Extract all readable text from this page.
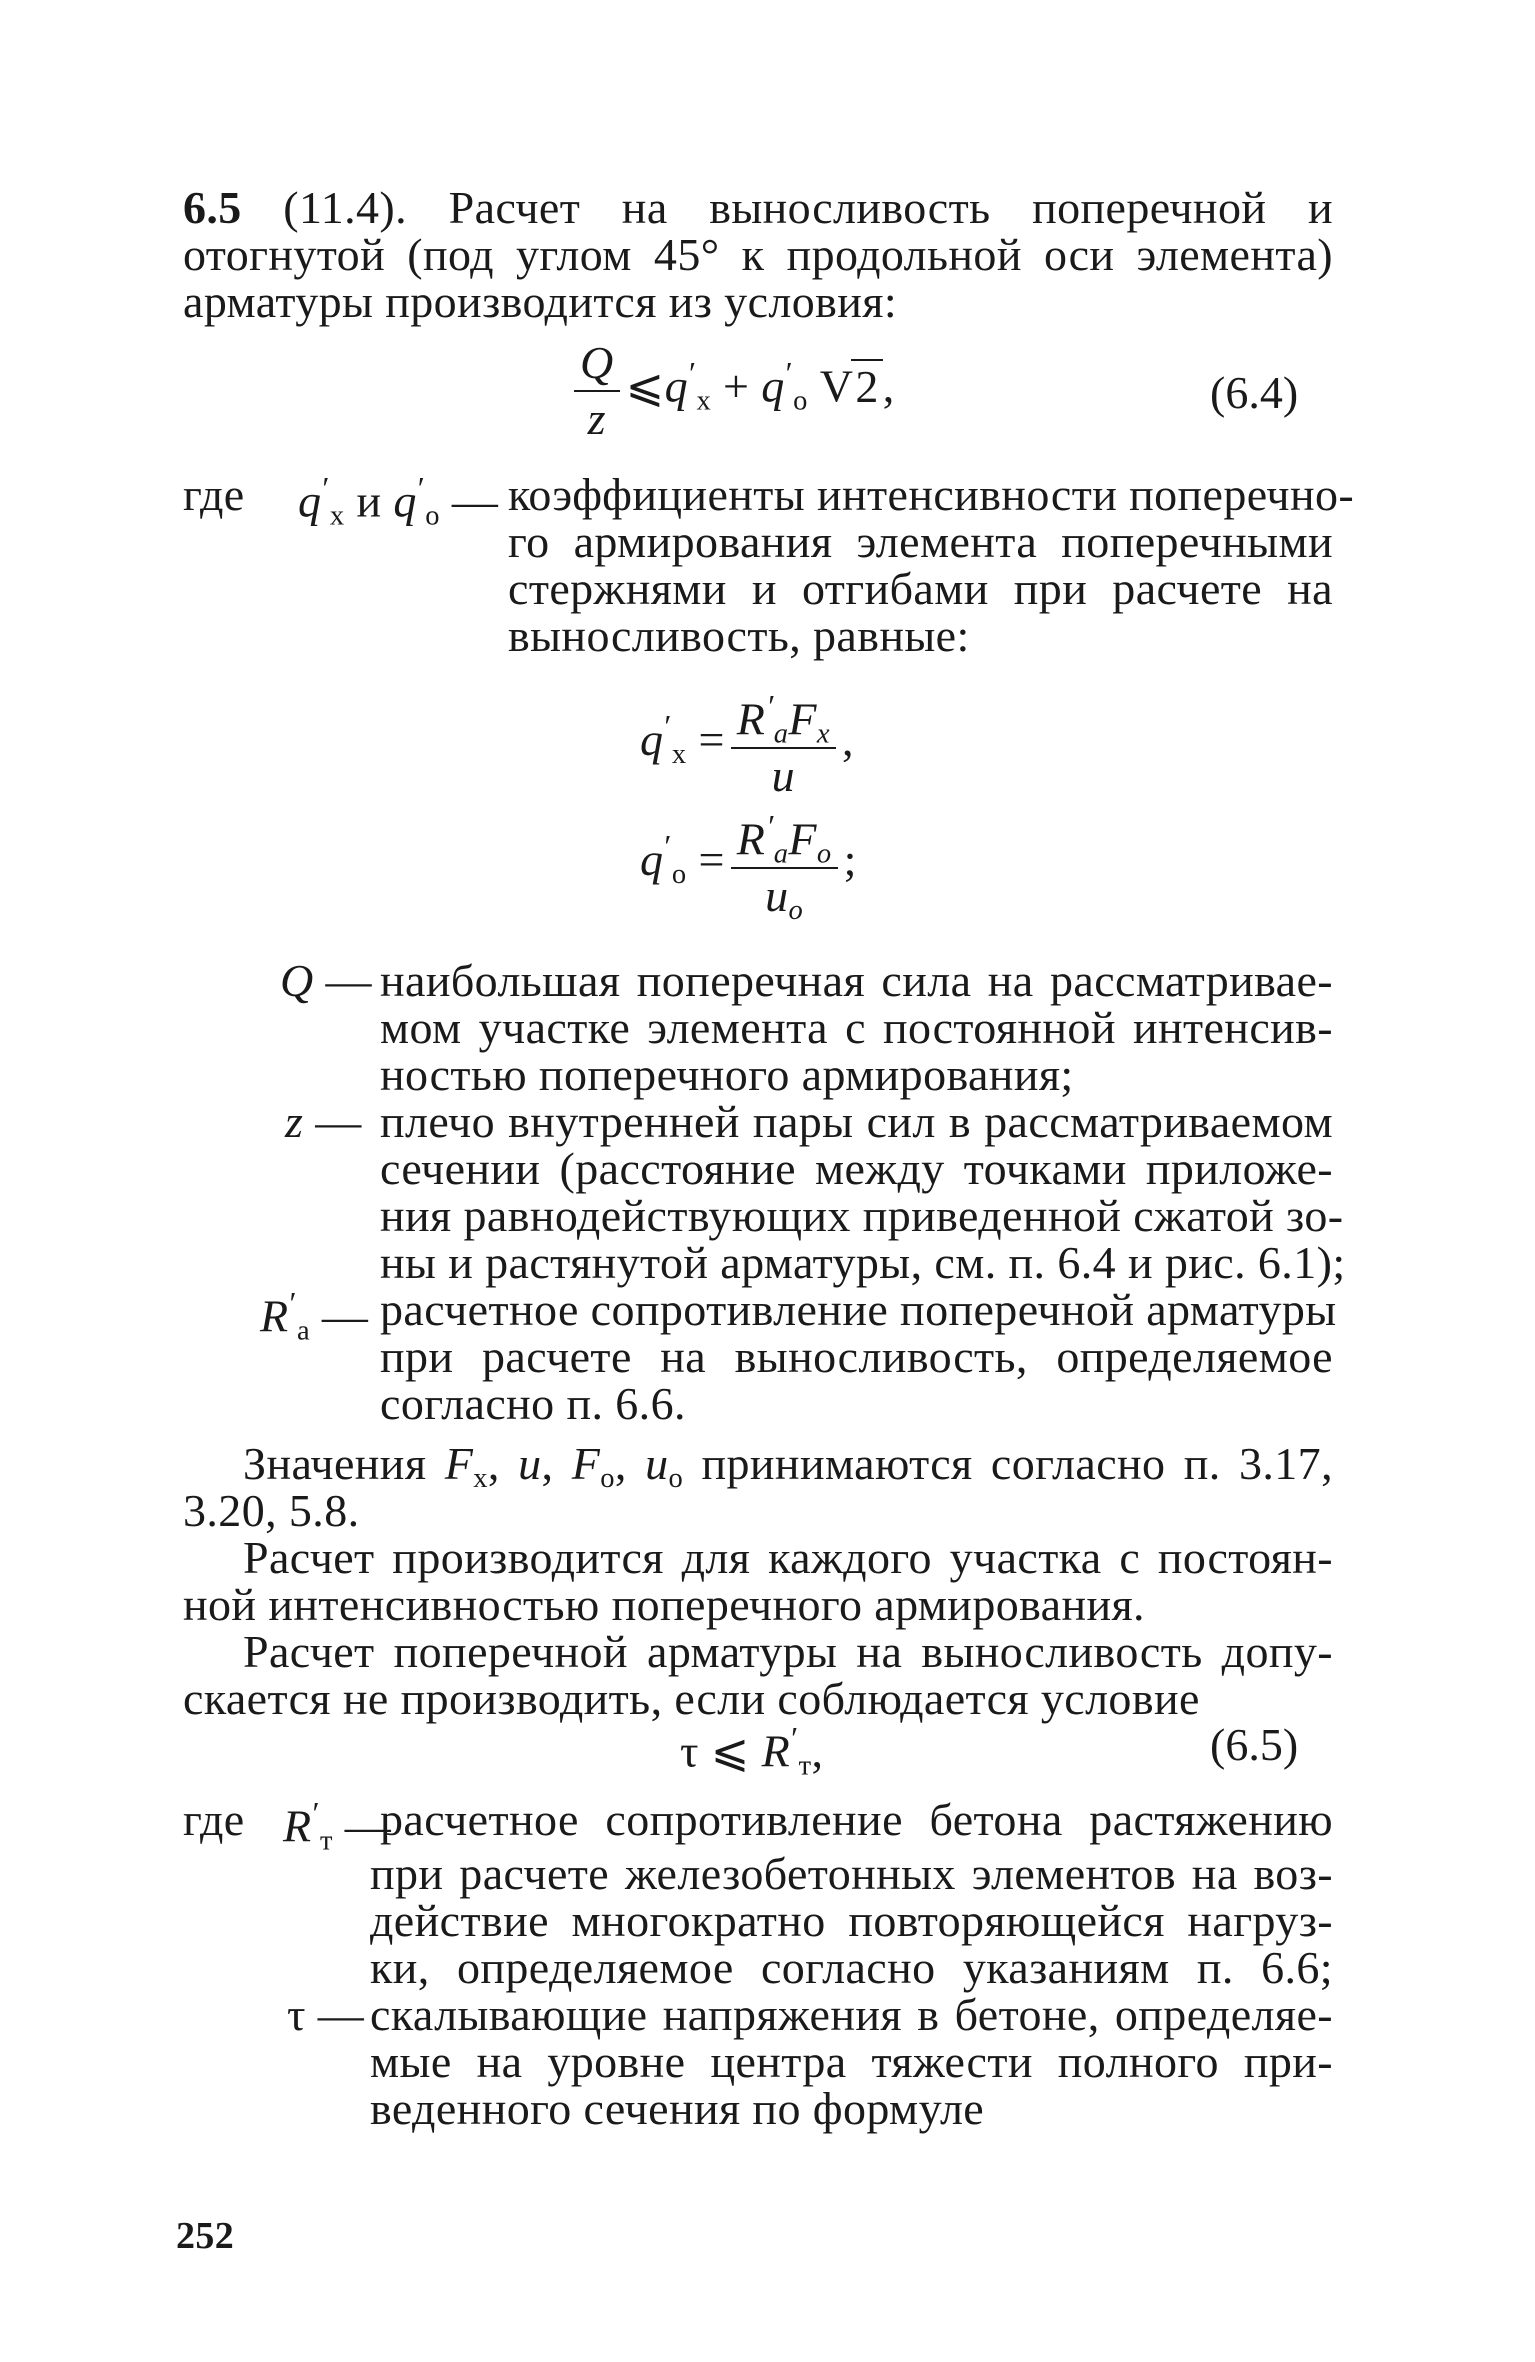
6.5 (11.4). Расчет на выносливость поперечной и
отогнутой (под углом 45° к продольной оси элемента)
арматуры производится из условия:
$\frac{Q}{z}$ $⩽q'_х + q'_о$ V2,	(6.4)
где $q'_х$ и $q'_о$ — коэффициенты интенсивности поперечно-
го армирования элемента поперечными
стержнями и отгибами при расчете на
выносливость, равные:
$q'_х = \frac{R'_аF_х}{u}$ ,
$q'_о = \frac{R'_аF_о}{u_о}$ ;
Q — наибольшая поперечная сила на рассматривае-
мом участке элемента с постоянной интенсив-
ностью поперечного армирования;
z — плечо внутренней пары сил в рассматриваемом
сечении (расстояние между точками приложе-
ния равнодействующих приведенной сжатой зо-
ны и растянутой арматуры, см. п. 6.4 и рис. 6.1);
$R'_а$ — расчетное сопротивление поперечной арматуры
при расчете на выносливость, определяемое
согласно п. 6.6.
Значения $F_х$, u, $F_о$, $u_о$ принимаются согласно п. 3.17,
3.20, 5.8.
Расчет производится для каждого участка с постоян-
ной интенсивностью поперечного армирования.
Расчет поперечной арматуры на выносливость допу-
скается не производить, если соблюдается условие
τ ⩽ $R'_т$,	(6.5)
где $R'_т$ —
расчетное сопротивление бетона растяжению
при расчете железобетонных элементов на воз-
действие многократно повторяющейся нагруз-
ки, определяемое согласно указаниям п. 6.6;
τ — скалывающие напряжения в бетоне, определяе-
мые на уровне центра тяжести полного при-
веденного сечения по формуле
252
